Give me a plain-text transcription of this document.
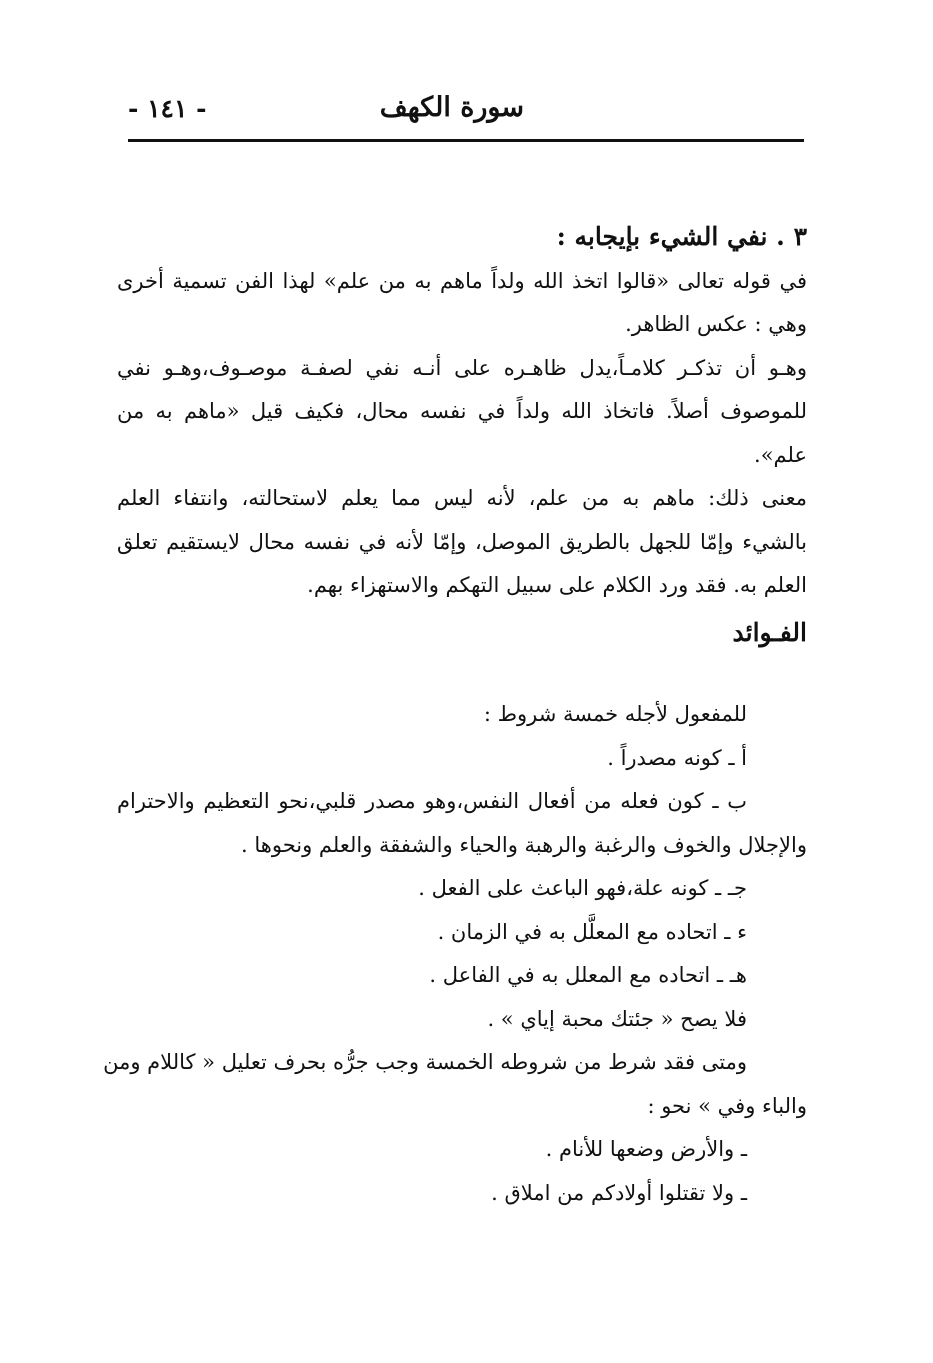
سورة الكهف
- ١٤١ -
٣ . نفي الشيء بإيجابه :
في قوله تعالى «قالوا اتخذ الله ولداً ماهم به من علم» لهذا الفن تسمية أخرى
وهي : عكس الظاهر.
وهـو أن تذكـر كلامـاً،يدل ظاهـره على أنـه نفي لصفـة موصـوف،وهـو نفي
للموصوف أصلاً. فاتخاذ الله ولداً في نفسه محال، فكيف قيل «ماهم به من
علم».
معنى ذلك: ماهم به من علم، لأنه ليس مما يعلم لاستحالته، وانتفاء العلم
بالشيء وإمّا للجهل بالطريق الموصل، وإمّا لأنه في نفسه محال لايستقيم تعلق
العلم به. فقد ورد الكلام على سبيل التهكم والاستهزاء بهم.
الفـوائد
للمفعول لأجله خمسة شروط :
أ ـ كونه مصدراً .
ب ـ كون فعله من أفعال النفس،وهو مصدر قلبي،نحو التعظيم والاحترام
والإجلال والخوف والرغبة والرهبة والحياء والشفقة والعلم ونحوها .
جـ ـ كونه علة،فهو الباعث على الفعل .
ء ـ اتحاده مع المعلَّل به في الزمان .
هـ ـ اتحاده مع المعلل به في الفاعل .
فلا يصح « جئتك محبة إياي » .
ومتى فقد شرط من شروطه الخمسة وجب جرُّه بحرف تعليل « كاللام ومن
والباء وفي » نحو :
ـ والأرض وضعها للأنام .
ـ ولا تقتلوا أولادكم من املاق .
